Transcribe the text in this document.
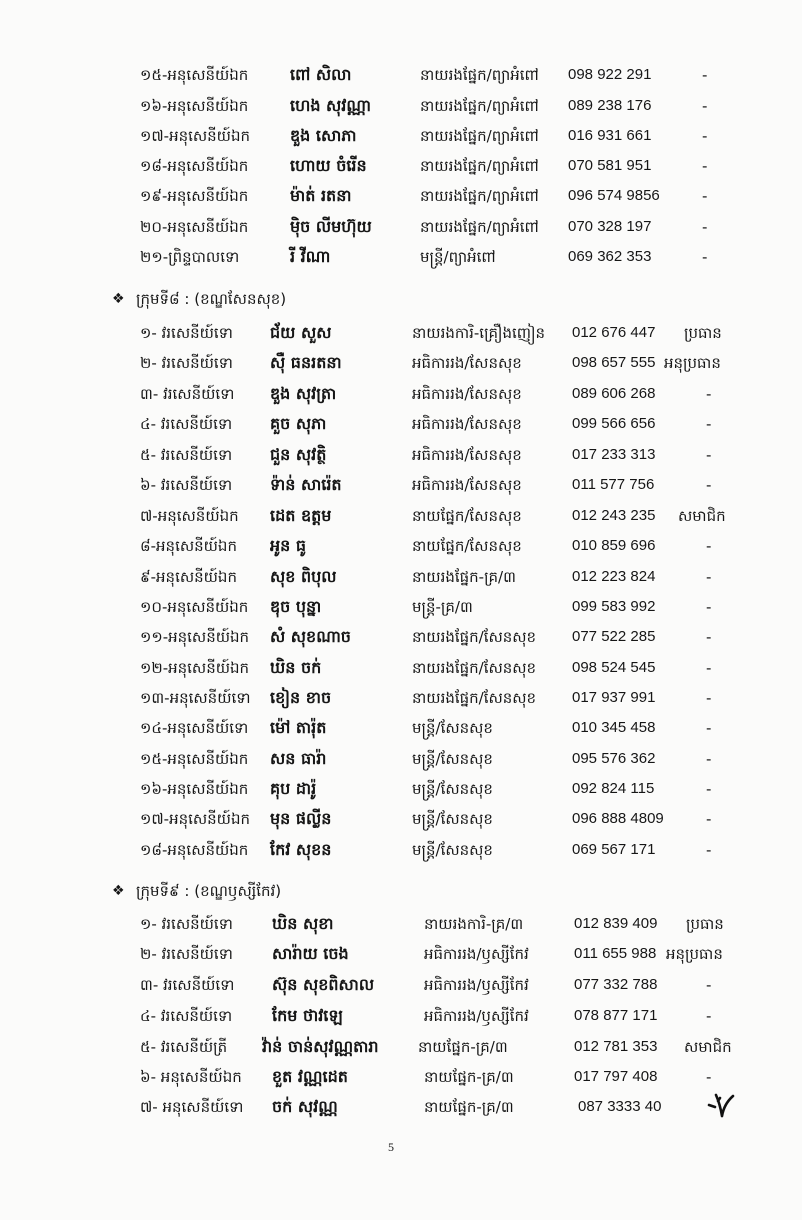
១៥-អនុសេនីយ៍ឯក	ពៅ សិលា	នាយរងផ្នែក/ព្យាអំពៅ 098 922 291	-
១៦-អនុសេនីយ៍ឯក	ហេង សុវណ្ណា	នាយរងផ្នែក/ព្យាអំពៅ 089 238 176	-
១៧-អនុសេនីយ៍ឯក ឌួង សោភា	នាយរងផ្នែក/ព្យាអំពៅ 016 931 661	-
១៨-អនុសេនីយ៍ឯក	ហោយ ចំរើន	នាយរងផ្នែក/ព្យាអំពៅ 070 581 951	-
១៩-អនុសេនីយ៍ឯក	ម៉ាត់ រតនា	នាយរងផ្នែក/ព្យាអំពៅ 096 574 9856	-
២០-អនុសេនីយ៍ឯក	ម៉ិច លីមហ៊ុយ	នាយរងផ្នែក/ព្យាអំពៅ 070 328 197	-
២១-ព្រិន្ទបាលទោ	រី វីណា	មន្ត្រី/ព្យាអំពៅ	069 362 353	-
❖ ក្រុមទី៨ : (ខណ្ឌសែនសុខ)
១- វរសេនីយ៍ទោ ជ័យ សួស	នាយរងការិ-គ្រឿងញៀន 012 676 447 ប្រធាន
២- វរសេនីយ៍ទោ ស៊ឺ ធនរតនា	អធិការរង/សែនសុខ	098 657 555 អនុប្រធាន
៣- វរសេនីយ៍ទោ ឌួង សុវត្រា	អធិការរង/សែនសុខ	089 606 268	-
៤- វរសេនីយ៍ទោ គួច សុភា	អធិការរង/សែនសុខ	099 566 656	-
៥- វរសេនីយ៍ទោ ជួន សុវត្ថិ	អធិការរង/សែនសុខ	017 233 313	-
៦- វរសេនីយ៍ទោ ទ៉ាន់ សារ៉េត	អធិការរង/សែនសុខ	011 577 756	-
៧-អនុសេនីយ៍ឯក ដេត ឧត្ដម	នាយផ្នែក/សែនសុខ	012 243 235 សមាជិក
៨-អនុសេនីយ៍ឯក អូន ធូ	នាយផ្នែក/សែនសុខ	010 859 696	-
៩-អនុសេនីយ៍ឯក សុខ ពិបុល	នាយរងផ្នែក-គ្រ/៣	012 223 824	-
១០-អនុសេនីយ៍ឯក ឌុច បុន្នា	មន្ត្រី-គ្រ/៣	099 583 992	-
១១-អនុសេនីយ៍ឯក សំ សុខណាច	នាយរងផ្នែក/សែនសុខ 077 522 285	-
១២-អនុសេនីយ៍ឯក ឃិន ចក់	នាយរងផ្នែក/សែនសុខ 098 524 545	-
១៣-អនុសេនីយ៍ទោ ខៀន ខាច	នាយរងផ្នែក/សែនសុខ 017 937 991	-
១៤-អនុសេនីយ៍ទោ ម៉ៅ តារ៉ុត	មន្ត្រី/សែនសុខ	010 345 458	-
១៥-អនុសេនីយ៍ឯក សន ធារ៉ា	មន្ត្រី/សែនសុខ	095 576 362	-
១៦-អនុសេនីយ៍ឯក គុប ដារ៉ូ	មន្ត្រី/សែនសុខ	092 824 115	-
១៧-អនុសេនីយ៍ឯក មុន ផល្លីន	មន្ត្រី/សែនសុខ	096 888 4809	-
១៨-អនុសេនីយ៍ឯក កែវ សុខន	មន្ត្រី/សែនសុខ	069 567 171	-
❖ ក្រុមទី៩ : (ខណ្ឌឫស្សីកែវ)
១- វរសេនីយ៍ទោ ឃិន សុខា	នាយរងការិ-គ្រ/៣	012 839 409 ប្រធាន
២- វរសេនីយ៍ទោ សារ៉ាយ ចេង	អធិការរង/ឫស្សីកែវ	011 655 988 អនុប្រធាន
៣- វរសេនីយ៍ទោ ស៊ុន សុខពិសាល	អធិការរង/ឫស្សីកែវ	077 332 788	-
៤- វរសេនីយ៍ទោ កែម ថាវឡេ	អធិការរង/ឫស្សីកែវ	078 877 171	-
៥- វរសេនីយ៍ត្រី វ៉ាន់ ចាន់សុវណ្ណតារា	នាយផ្នែក-គ្រ/៣	012 781 353 សមាជិក
៦- អនុសេនីយ៍ឯក ខួត វណ្ណដេត	នាយផ្នែក-គ្រ/៣	017 797 408	-
៧- អនុសេនីយ៍ទោ ចក់ សុវណ្ណ	នាយផ្នែក-គ្រ/៣	087 3333 40
5
